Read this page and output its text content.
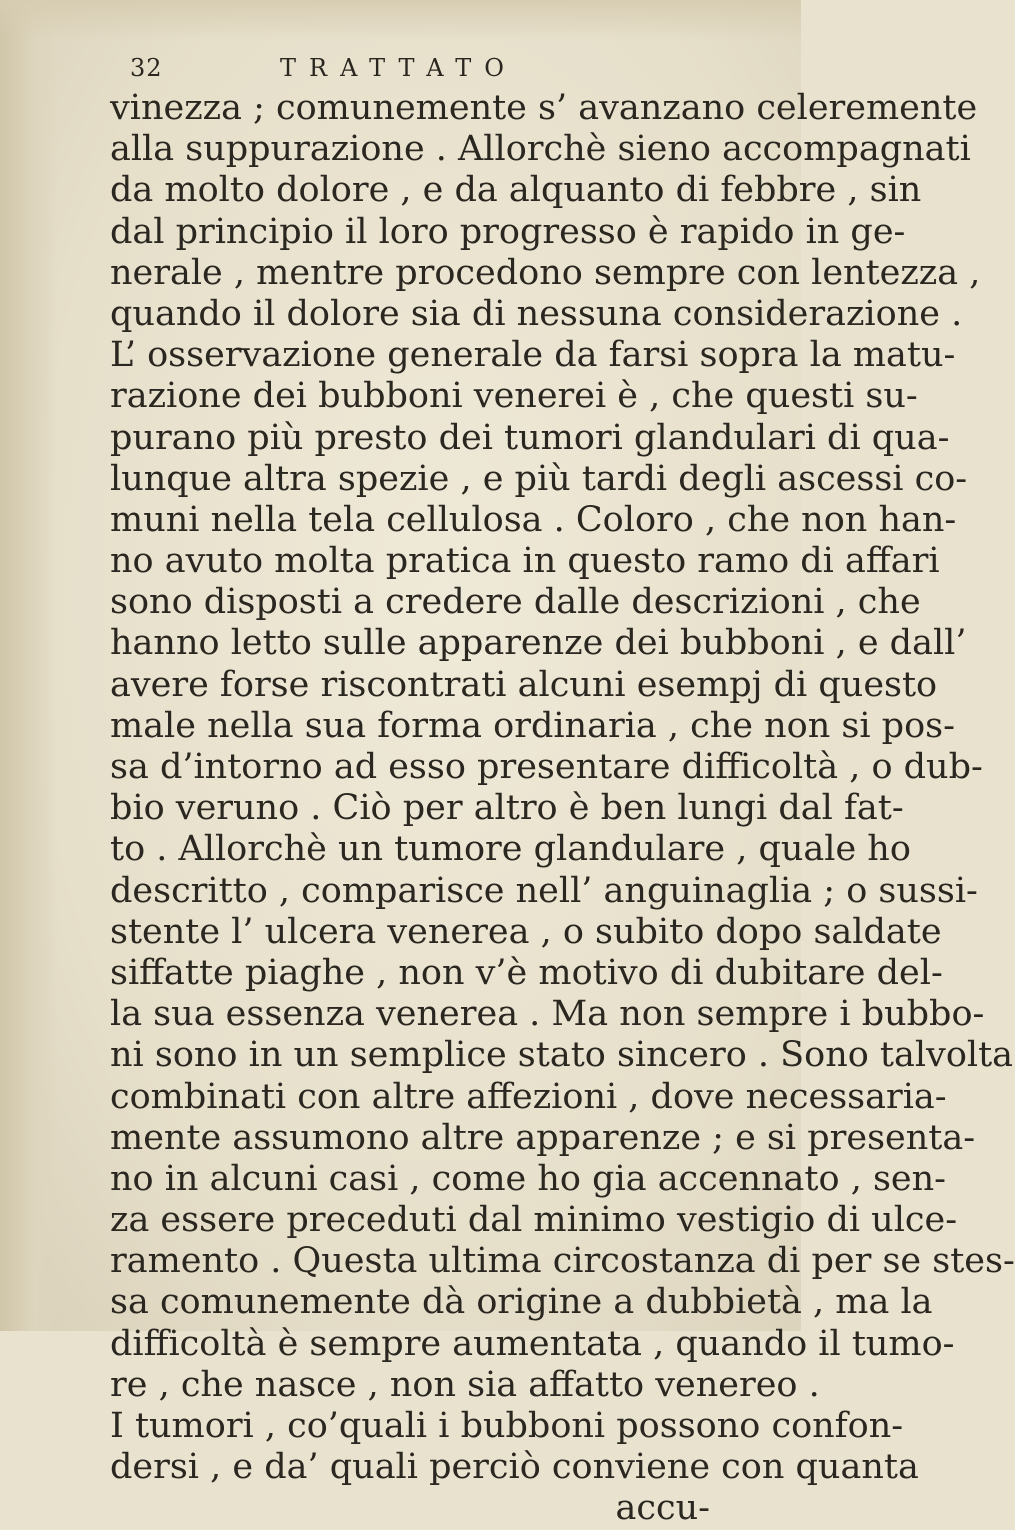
32	TRATTATO
vinezza ; comunemente s’ avanzano celeremente
alla suppurazione . Allorchè sieno accompagnati
da molto dolore , e da alquanto di febbre , sin
dal principio il loro progresso è rapido in ge-
nerale , mentre procedono sempre con lentezza ,
quando il dolore sia di nessuna considerazione .
L’ osservazione generale da farsi sopra la matu-
razione dei bubboni venerei è , che questi su-
purano più presto dei tumori glandulari di qua-
lunque altra spezie , e più tardi degli ascessi co-
muni nella tela cellulosa . Coloro , che non han-
no avuto molta pratica in questo ramo di affari
sono disposti a credere dalle descrizioni , che
hanno letto sulle apparenze dei bubboni , e dall’
avere forse riscontrati alcuni esempj di questo
male nella sua forma ordinaria , che non si pos-
sa d’intorno ad esso presentare difficoltà , o dub-
bio veruno . Ciò per altro è ben lungi dal fat-
to . Allorchè un tumore glandulare , quale ho
descritto , comparisce nell’ anguinaglia ; o sussi-
stente l’ ulcera venerea , o subito dopo saldate
siffatte piaghe , non v’è motivo di dubitare del-
la sua essenza venerea . Ma non sempre i bubbo-
ni sono in un semplice stato sincero . Sono talvolta
combinati con altre affezioni , dove necessaria-
mente assumono altre apparenze ; e si presenta-
no in alcuni casi , come ho gia accennato , sen-
za essere preceduti dal minimo vestigio di ulce-
ramento . Questa ultima circostanza di per se stes-
sa comunemente dà origine a dubbietà , ma la
difficoltà è sempre aumentata , quando il tumo-
re , che nasce , non sia affatto venereo .
I tumori , co’quali i bubboni possono confon-
dersi , e da’ quali perciò conviene con quanta
accu-
